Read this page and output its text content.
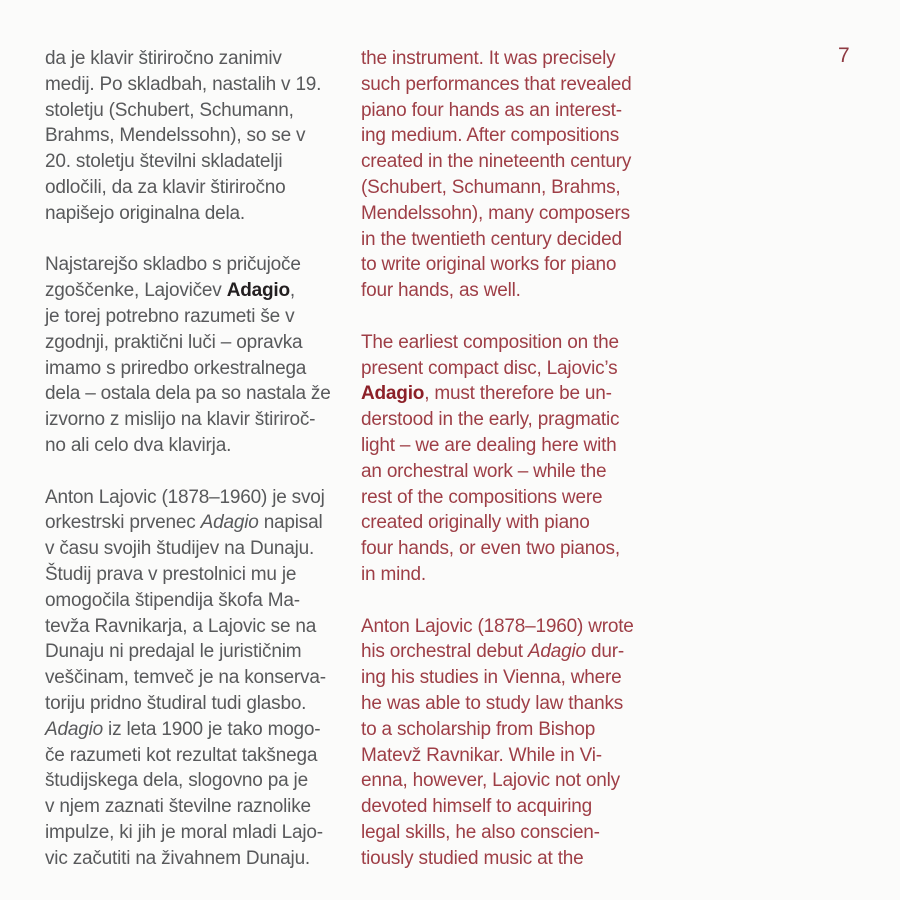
da je klavir štiriročno zanimiv
medij. Po skladbah, nastalih v 19.
stoletju (Schubert, Schumann,
Brahms, Mendelssohn), so se v
20. stoletju številni skladatelji
odločili, da za klavir štiriročno
napišejo originalna dela.
Najstarejšo skladbo s pričujoče
zgoščenke, Lajovičev Adagio,
je torej potrebno razumeti še v
zgodnji, praktični luči – opravka
imamo s priredbo orkestralnega
dela – ostala dela pa so nastala že
izvorno z mislijo na klavir štiriroč-
no ali celo dva klavirja.
Anton Lajovic (1878–1960) je svoj
orkestrski prvenec Adagio napisal
v času svojih študijev na Dunaju.
Študij prava v prestolnici mu je
omogočila štipendija škofa Ma-
tevža Ravnikarja, a Lajovic se na
Dunaju ni predajal le jurističnim
veščinam, temveč je na konserva-
toriju pridno študiral tudi glasbo.
Adagio iz leta 1900 je tako mogo-
če razumeti kot rezultat takšnega
študijskega dela, slogovno pa je
v njem zaznati številne raznolike
impulze, ki jih je moral mladi Lajo-
vic začutiti na živahnem Dunaju.
the instrument. It was precisely
such performances that revealed
piano four hands as an interest-
ing medium. After compositions
created in the nineteenth century
(Schubert, Schumann, Brahms,
Mendelssohn), many composers
in the twentieth century decided
to write original works for piano
four hands, as well.
The earliest composition on the
present compact disc, Lajovic’s
Adagio, must therefore be un-
derstood in the early, pragmatic
light – we are dealing here with
an orchestral work – while the
rest of the compositions were
created originally with piano
four hands, or even two pianos,
in mind.
Anton Lajovic (1878–1960) wrote
his orchestral debut Adagio dur-
ing his studies in Vienna, where
he was able to study law thanks
to a scholarship from Bishop
Matevž Ravnikar. While in Vi-
enna, however, Lajovic not only
devoted himself to acquiring
legal skills, he also conscien-
tiously studied music at the
7
